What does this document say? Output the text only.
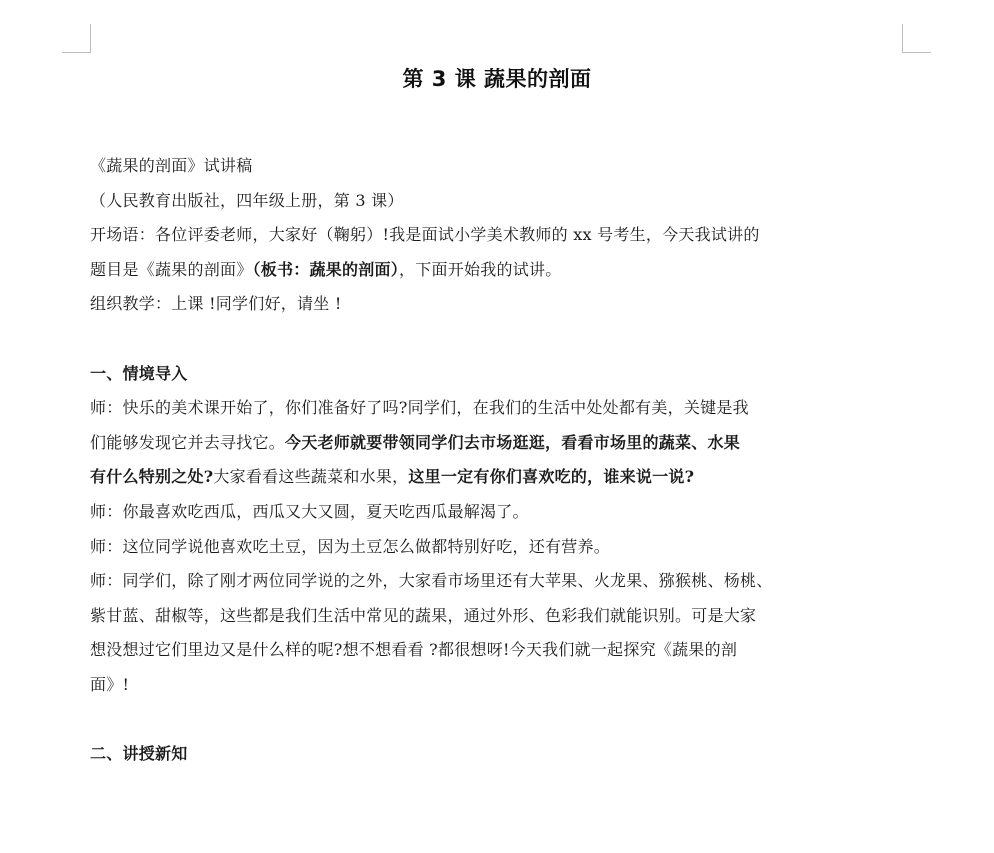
第 3 课 蔬果的剖面
《蔬果的剖面》试讲稿
（人民教育出版社，四年级上册，第 3 课）
开场语：各位评委老师，大家好（鞠躬）!我是面试小学美术教师的 xx 号考生，今天我试讲的
题目是《蔬果的剖面》（板书：蔬果的剖面），下面开始我的试讲。
组织教学：上课 !同学们好，请坐 !
一、情境导入
师：快乐的美术课开始了，你们准备好了吗?同学们，在我们的生活中处处都有美，关键是我
们能够发现它并去寻找它。今天老师就要带领同学们去市场逛逛，看看市场里的蔬菜、水果
有什么特别之处?大家看看这些蔬菜和水果，这里一定有你们喜欢吃的，谁来说一说?
师：你最喜欢吃西瓜，西瓜又大又圆，夏天吃西瓜最解渴了。
师：这位同学说他喜欢吃土豆，因为土豆怎么做都特别好吃，还有营养。
师：同学们，除了刚才两位同学说的之外，大家看市场里还有大苹果、火龙果、猕猴桃、杨桃、
紫甘蓝、甜椒等，这些都是我们生活中常见的蔬果，通过外形、色彩我们就能识别。可是大家
想没想过它们里边又是什么样的呢?想不想看看 ?都很想呀!今天我们就一起探究《蔬果的剖
面》!
二、讲授新知
